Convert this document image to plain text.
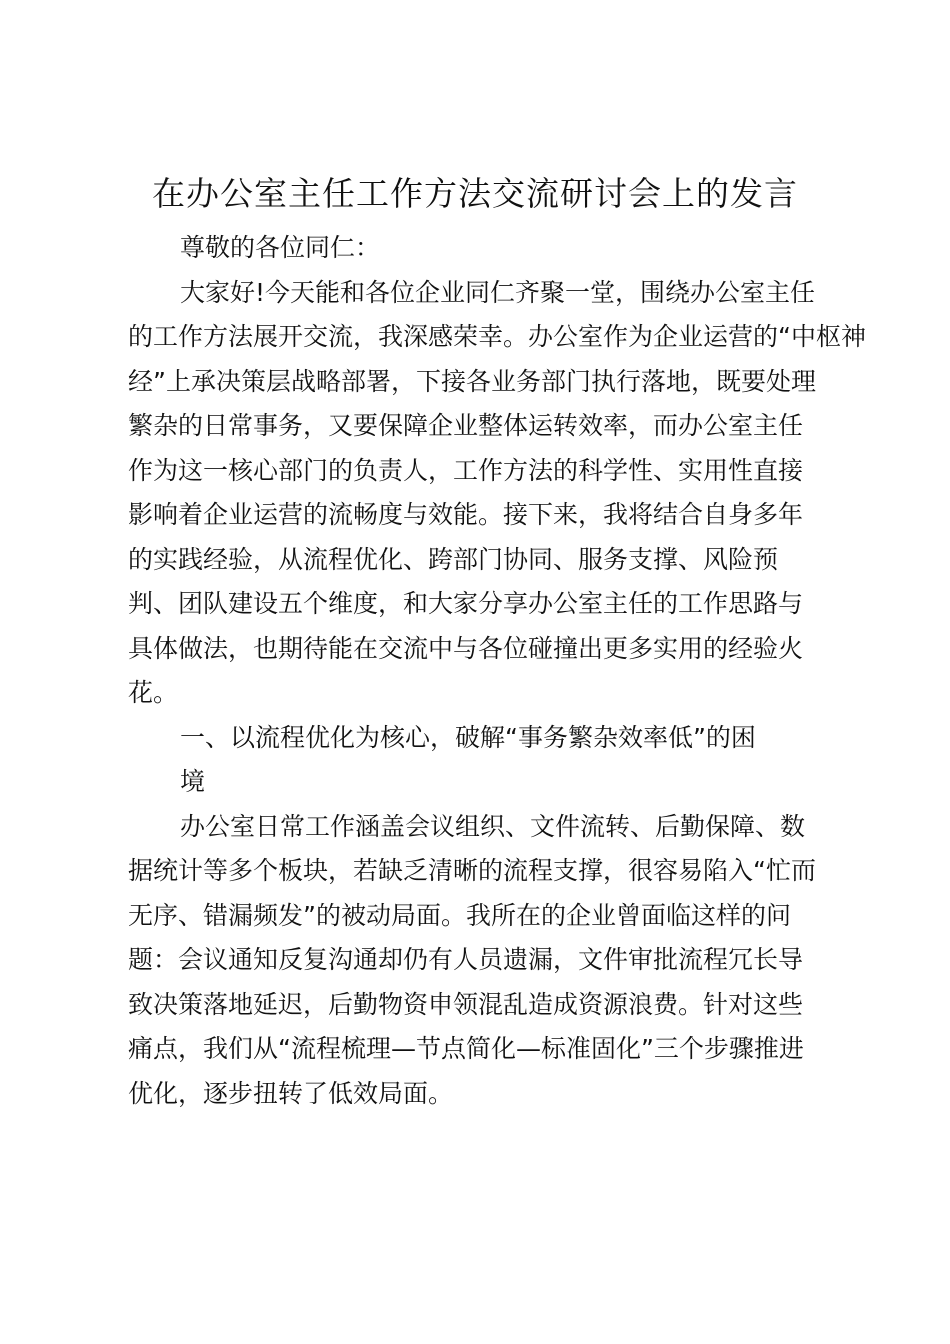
在办公室主任工作方法交流研讨会上的发言

尊敬的各位同仁：

大家好!今天能和各位企业同仁齐聚一堂，围绕办公室主任
的工作方法展开交流，我深感荣幸。办公室作为企业运营的“中枢神
经”上承决策层战略部署，下接各业务部门执行落地，既要处理
繁杂的日常事务，又要保障企业整体运转效率，而办公室主任
作为这一核心部门的负责人，工作方法的科学性、实用性直接
影响着企业运营的流畅度与效能。接下来，我将结合自身多年
的实践经验，从流程优化、跨部门协同、服务支撑、风险预
判、团队建设五个维度，和大家分享办公室主任的工作思路与
具体做法，也期待能在交流中与各位碰撞出更多实用的经验火
花。

一、以流程优化为核心，破解“事务繁杂效率低”的困
境

办公室日常工作涵盖会议组织、文件流转、后勤保障、数
据统计等多个板块，若缺乏清晰的流程支撑，很容易陷入“忙而
无序、错漏频发”的被动局面。我所在的企业曾面临这样的问
题：会议通知反复沟通却仍有人员遗漏，文件审批流程冗长导
致决策落地延迟，后勤物资申领混乱造成资源浪费。针对这些
痛点，我们从“流程梳理—节点简化—标准固化”三个步骤推进
优化，逐步扭转了低效局面。
